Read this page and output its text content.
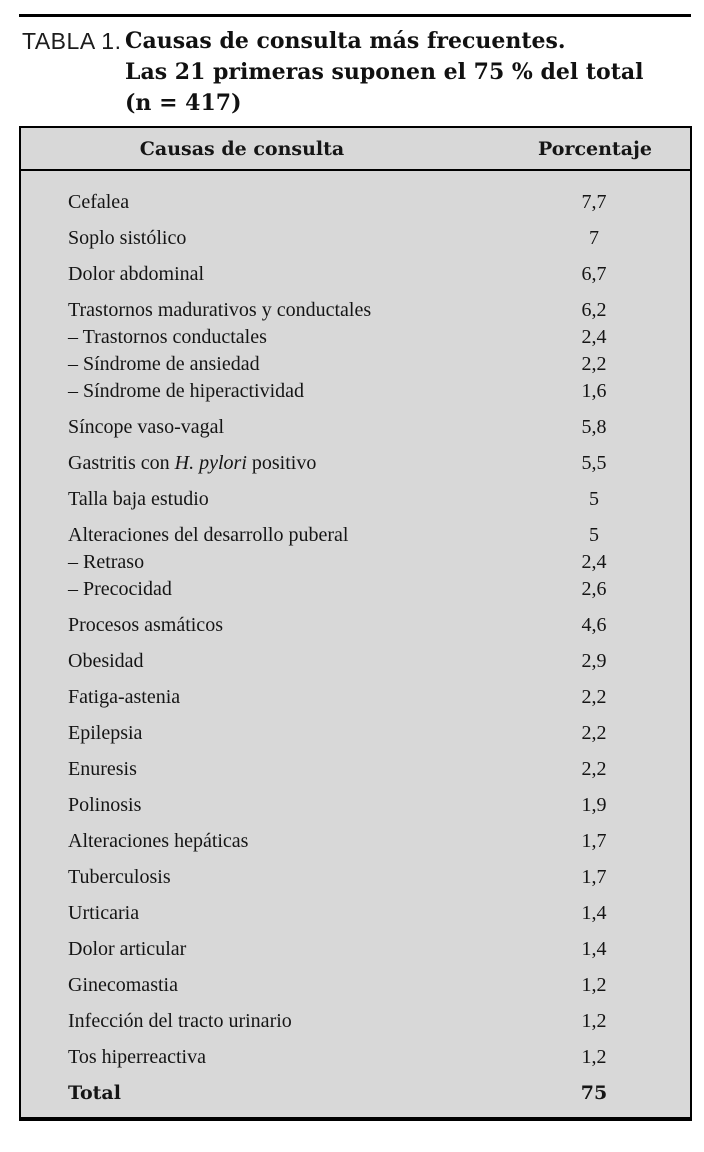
TABLA 1. Causas de consulta más frecuentes.
Las 21 primeras suponen el 75 % del total
(n = 417)
Causas de consulta	Porcentaje
Cefalea	7,7
Soplo sistólico	7
Dolor abdominal	6,7
Trastornos madurativos y conductales	6,2
– Trastornos conductales	2,4
– Síndrome de ansiedad	2,2
– Síndrome de hiperactividad	1,6
Síncope vaso-vagal	5,8
Gastritis con H. pylori positivo	5,5
Talla baja estudio	5
Alteraciones del desarrollo puberal	5
– Retraso	2,4
– Precocidad	2,6
Procesos asmáticos	4,6
Obesidad	2,9
Fatiga-astenia	2,2
Epilepsia	2,2
Enuresis	2,2
Polinosis	1,9
Alteraciones hepáticas	1,7
Tuberculosis	1,7
Urticaria	1,4
Dolor articular	1,4
Ginecomastia	1,2
Infección del tracto urinario	1,2
Tos hiperreactiva	1,2
Total	75
